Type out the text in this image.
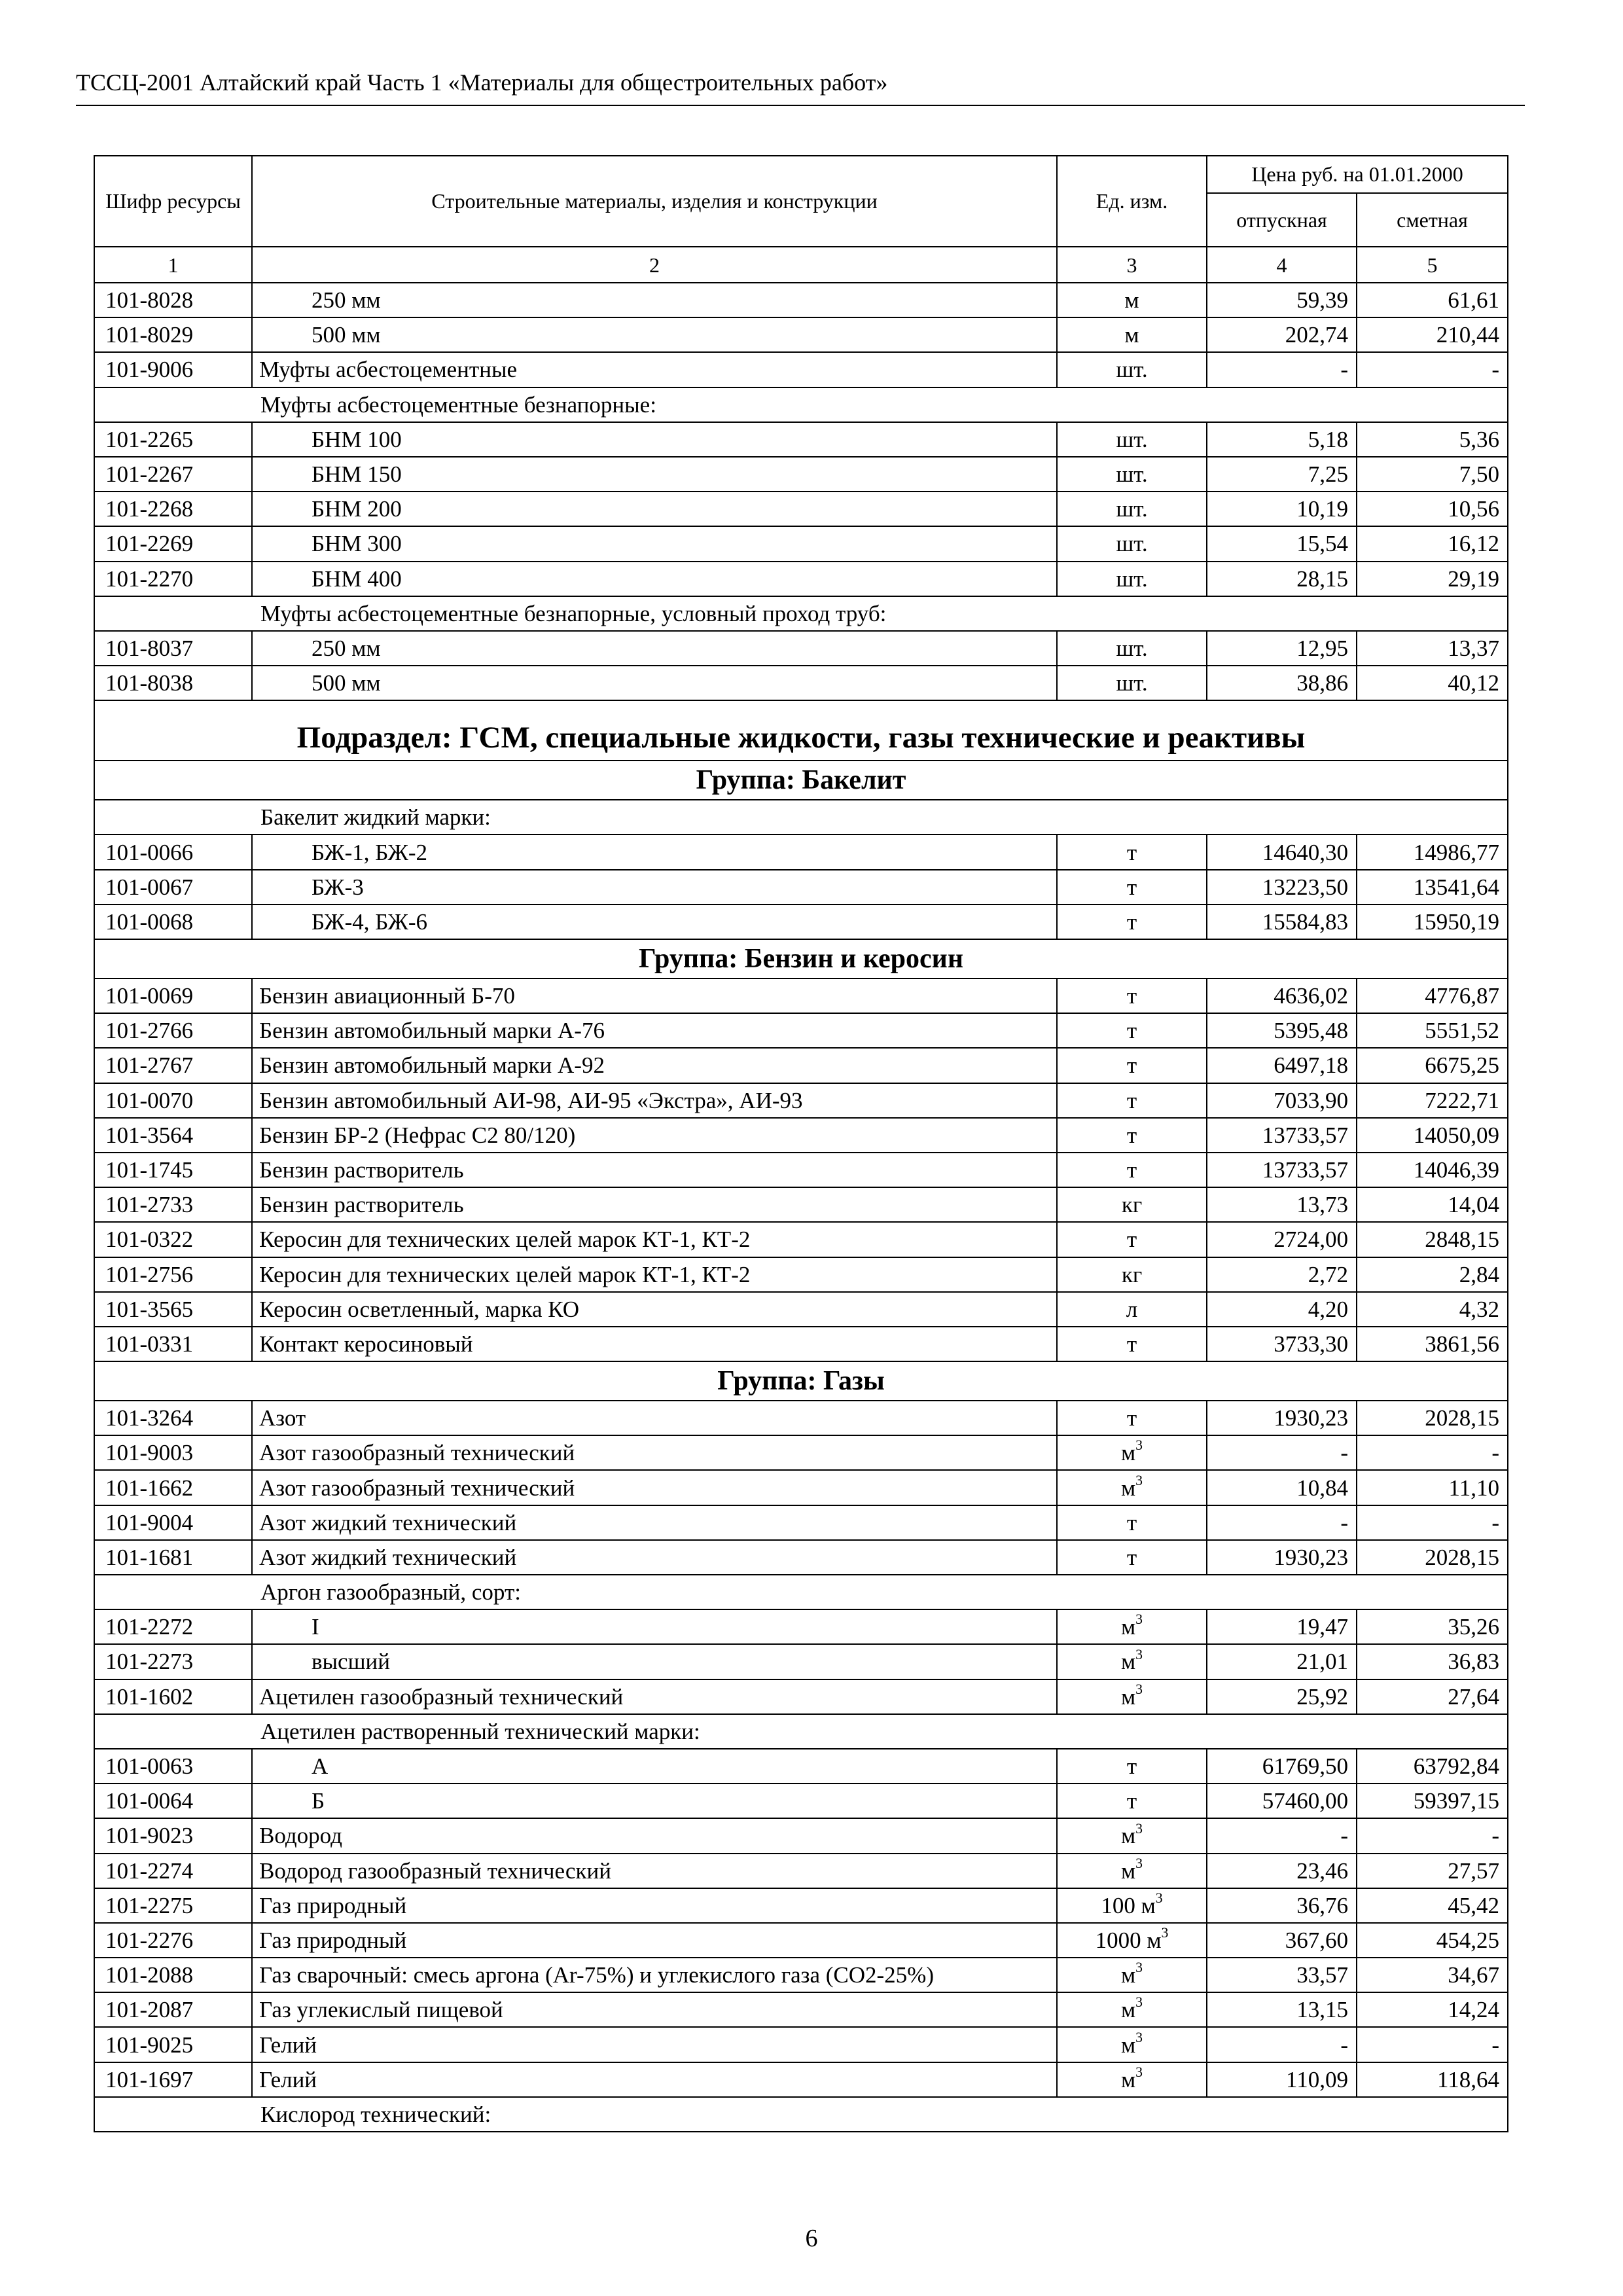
ТССЦ-2001 Алтайский край Часть 1 «Материалы для общестроительных работ»
Шифр ресурсы	Строительные материалы, изделия и конструкции	Ед. изм.	Цена руб. на 01.01.2000	
			отпускная	сметная
1	2	3	4	5
101-8028	250 мм	м	59,39	61,61
101-8029	500 мм	м	202,74	210,44
101-9006	Муфты асбестоцементные	шт.	-	-
Муфты асбестоцементные безнапорные:				
101-2265	БНМ 100	шт.	5,18	5,36
101-2267	БНМ 150	шт.	7,25	7,50
101-2268	БНМ 200	шт.	10,19	10,56
101-2269	БНМ 300	шт.	15,54	16,12
101-2270	БНМ 400	шт.	28,15	29,19
Муфты асбестоцементные безнапорные, условный проход труб:				
101-8037	250 мм	шт.	12,95	13,37
101-8038	500 мм	шт.	38,86	40,12
Подраздел: ГСМ, специальные жидкости, газы технические и реактивы				
Группа: Бакелит				
Бакелит жидкий марки:				
101-0066	БЖ-1, БЖ-2	т	14640,30	14986,77
101-0067	БЖ-3	т	13223,50	13541,64
101-0068	БЖ-4, БЖ-6	т	15584,83	15950,19
Группа: Бензин и керосин				
101-0069	Бензин авиационный Б-70	т	4636,02	4776,87
101-2766	Бензин автомобильный марки А-76	т	5395,48	5551,52
101-2767	Бензин автомобильный марки А-92	т	6497,18	6675,25
101-0070	Бензин автомобильный АИ-98, АИ-95 «Экстра», АИ-93	т	7033,90	7222,71
101-3564	Бензин БР-2 (Нефрас С2 80/120)	т	13733,57	14050,09
101-1745	Бензин растворитель	т	13733,57	14046,39
101-2733	Бензин растворитель	кг	13,73	14,04
101-0322	Керосин для технических целей марок КТ-1, КТ-2	т	2724,00	2848,15
101-2756	Керосин для технических целей марок КТ-1, КТ-2	кг	2,72	2,84
101-3565	Керосин осветленный, марка КО	л	4,20	4,32
101-0331	Контакт керосиновый	т	3733,30	3861,56
Группа: Газы				
101-3264	Азот	т	1930,23	2028,15
101-9003	Азот газообразный технический	$м^3$	-	-
101-1662	Азот газообразный технический	$м^3$	10,84	11,10
101-9004	Азот жидкий технический	т	-	-
101-1681	Азот жидкий технический	т	1930,23	2028,15
Аргон газообразный, сорт:				
101-2272	I	$м^3$	19,47	35,26
101-2273	высший	$м^3$	21,01	36,83
101-1602	Ацетилен газообразный технический	$м^3$	25,92	27,64
Ацетилен растворенный технический марки:				
101-0063	А	т	61769,50	63792,84
101-0064	Б	т	57460,00	59397,15
101-9023	Водород	$м^3$	-	-
101-2274	Водород газообразный технический	$м^3$	23,46	27,57
101-2275	Газ природный	100 $м^3$	36,76	45,42
101-2276	Газ природный	1000 $м^3$	367,60	454,25
101-2088	Газ сварочный: смесь аргона (Ar-75%) и углекислого газа (СО2-25%)	$м^3$	33,57	34,67
101-2087	Газ углекислый пищевой	$м^3$	13,15	14,24
101-9025	Гелий	$м^3$	-	-
101-1697	Гелий	$м^3$	110,09	118,64
Кислород технический:				
6
